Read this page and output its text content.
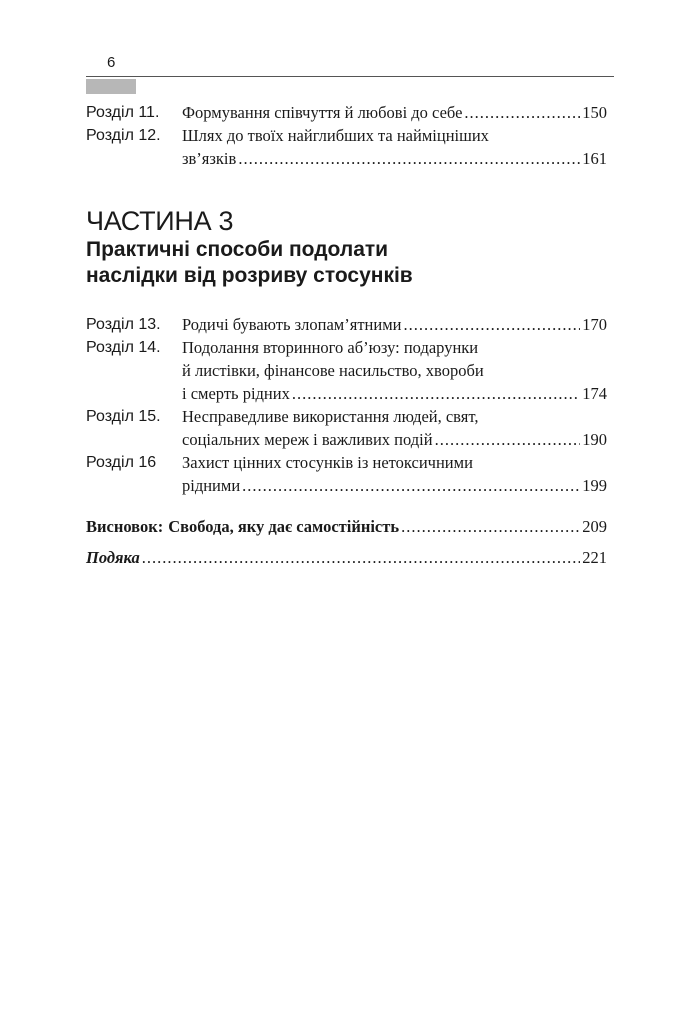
6
Розділ 11. Формування співчуття й любові до себе .....	150
Розділ 12. Шлях до твоїх найглибших та найміцніших
зв’язків .....	161
ЧАСТИНА 3
Практичні способи подолати
наслідки від розриву стосунків
Розділ 13. Родичі бувають злопам’ятними .....	170
Розділ 14. Подолання вторинного аб’юзу: подарунки
й листівки, фінансове насильство, хвороби
і смерть рідних .....	174
Розділ 15. Несправедливе використання людей, свят,
соціальних мереж і важливих подій .....	190
Розділ 16 Захист цінних стосунків із нетоксичними
рідними .....	199
Висновок: Свобода, яку дає самостійність .....	209
Подяка .....	221
